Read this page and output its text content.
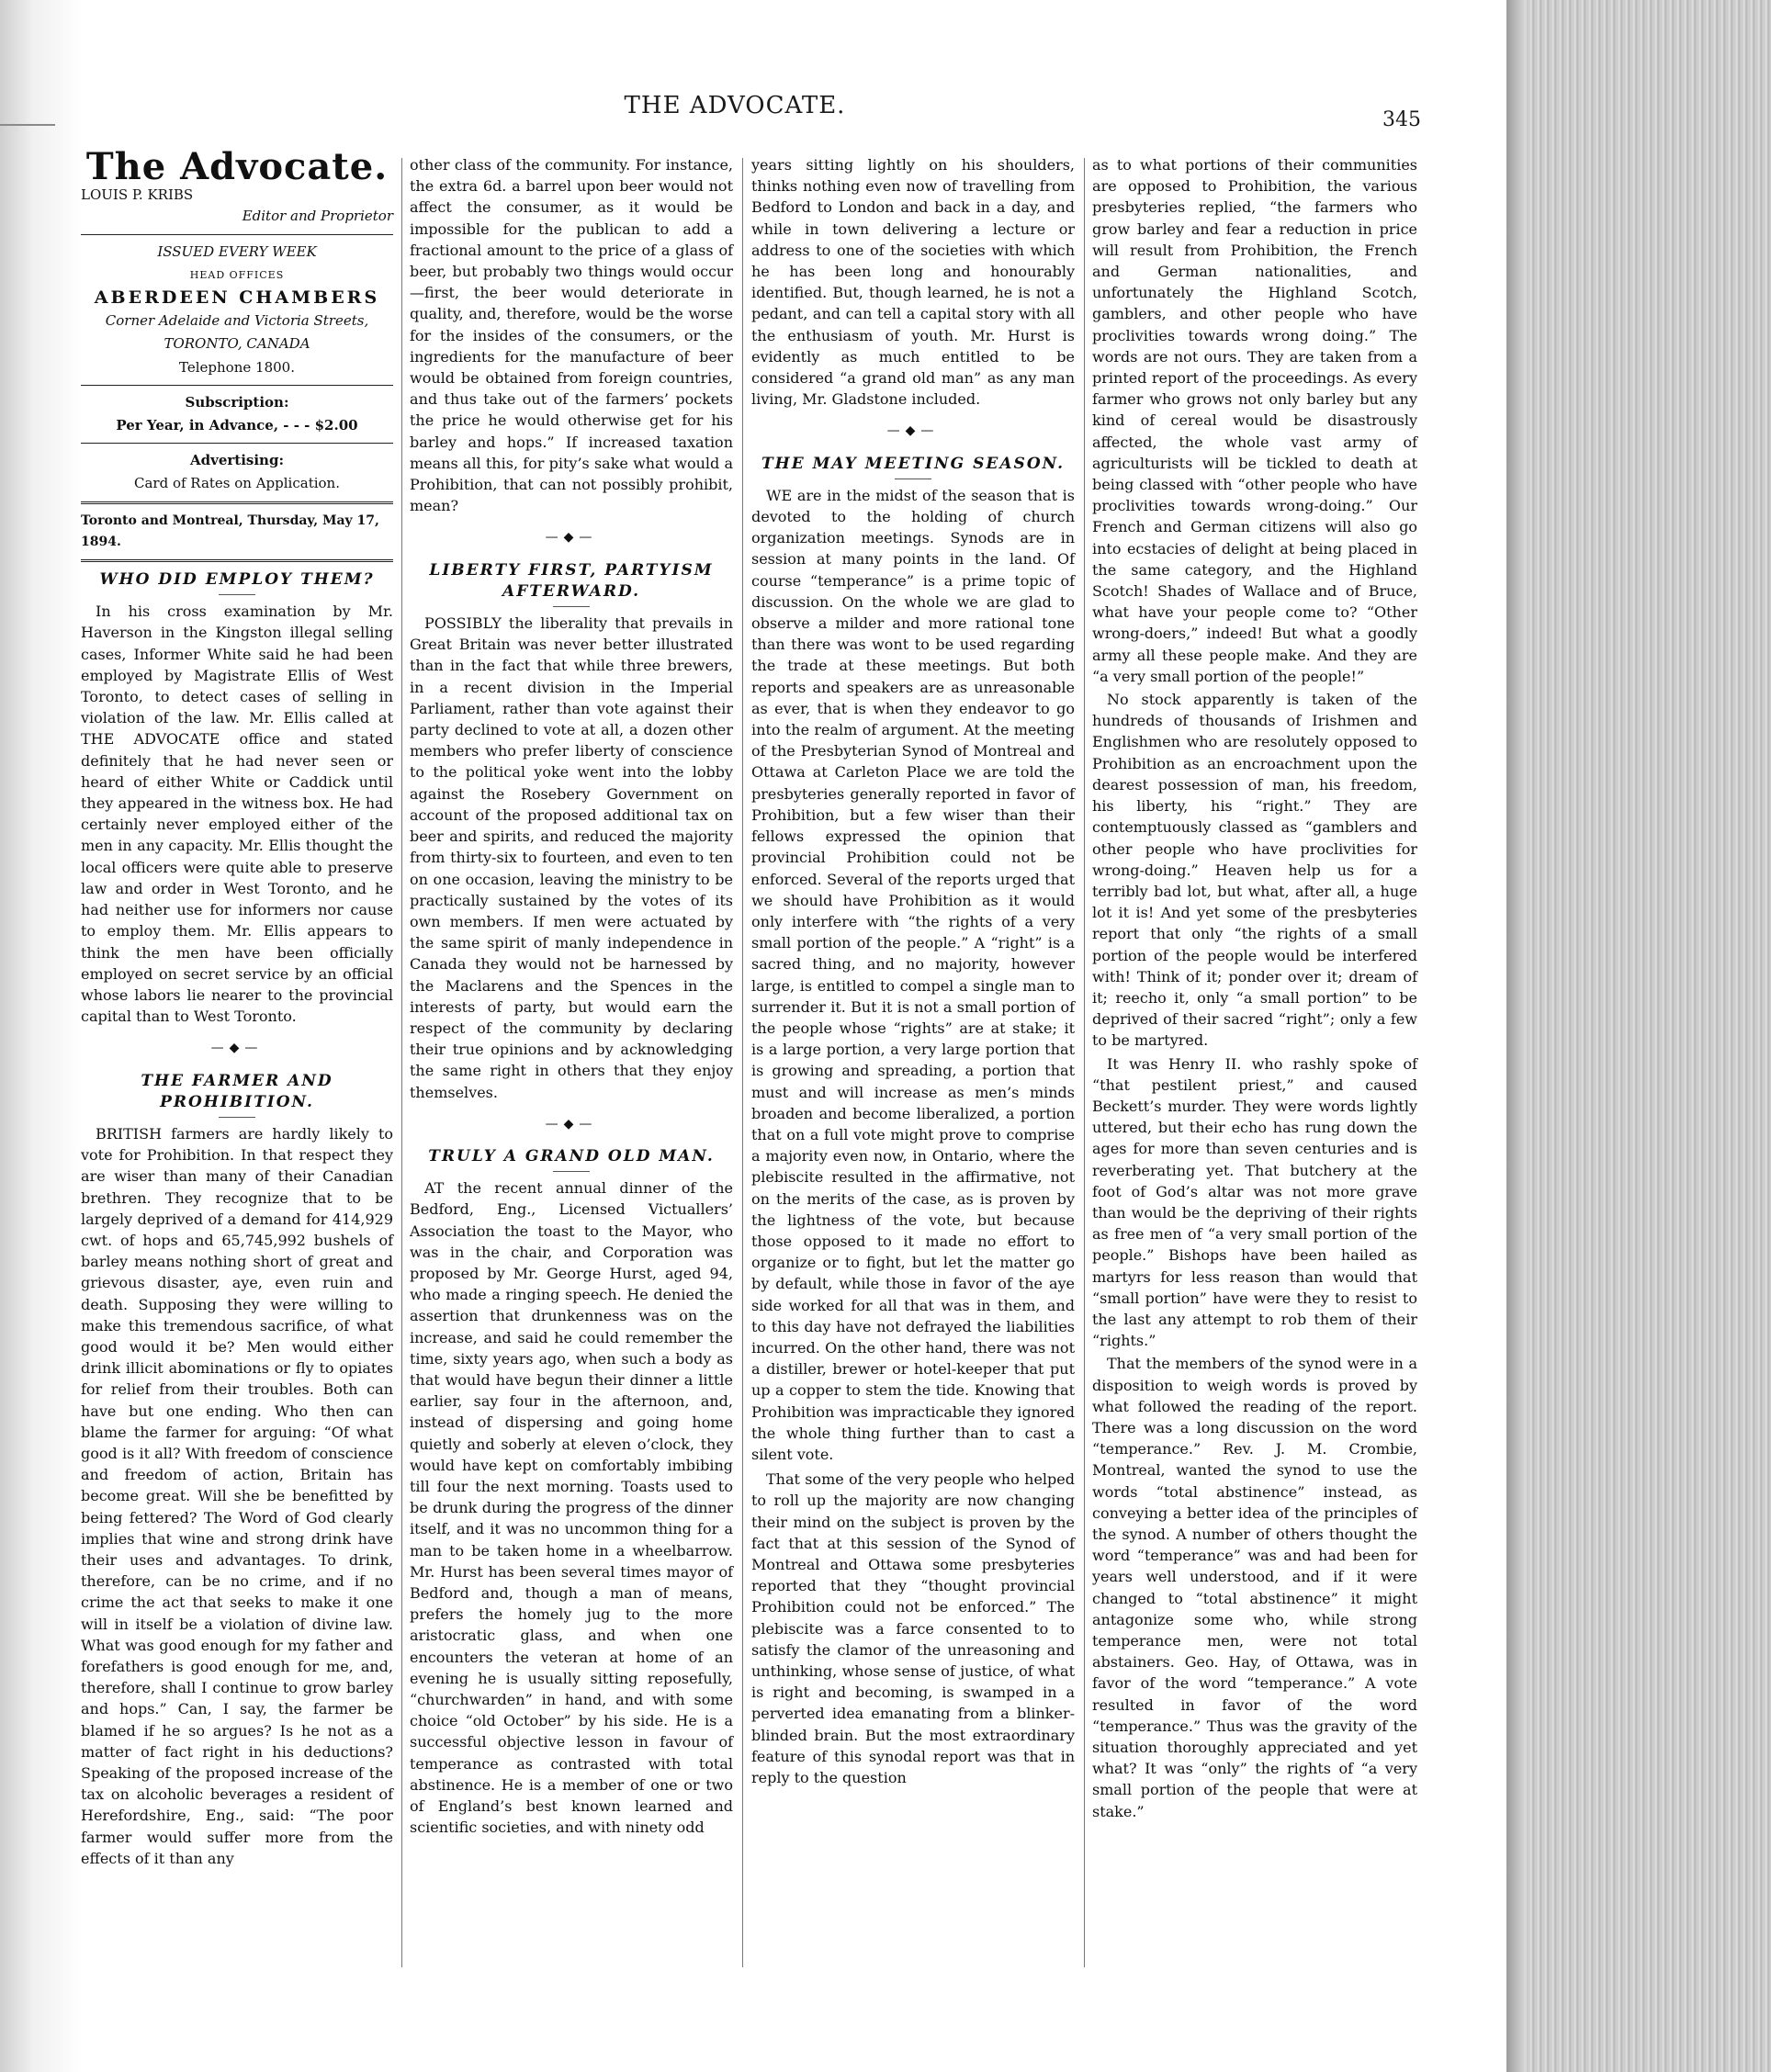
THE ADVOCATE.
345
The Advocate.
LOUIS P. KRIBS
Editor and Proprietor
ISSUED EVERY WEEK
HEAD OFFICES
ABERDEEN CHAMBERS
Corner Adelaide and Victoria Streets,
TORONTO, CANADA
Telephone 1800.
Subscription:
Per Year, in Advance, - - - $2.00
Advertising:
Card of Rates on Application.
Toronto and Montreal, Thursday, May 17, 1894.
WHO DID EMPLOY THEM?

In his cross examination by Mr. Haverson in the Kingston illegal selling cases, Informer White said he had been employed by Magistrate Ellis of West Toronto, to detect cases of selling in violation of the law. Mr. Ellis called at THE ADVOCATE office and stated definitely that he had never seen or heard of either White or Caddick until they appeared in the witness box. He had certainly never employed either of the men in any capacity. Mr. Ellis thought the local officers were quite able to preserve law and order in West Toronto, and he had neither use for informers nor cause to employ them. Mr. Ellis appears to think the men have been officially employed on secret service by an official whose labors lie nearer to the provincial capital than to West Toronto.

—◆—
THE FARMER AND PROHIBITION.

BRITISH farmers are hardly likely to vote for Prohibition. In that respect they are wiser than many of their Canadian brethren. They recognize that to be largely deprived of a demand for 414,929 cwt. of hops and 65,745,992 bushels of barley means nothing short of great and grievous disaster, aye, even ruin and death. Supposing they were willing to make this tremendous sacrifice, of what good would it be? Men would either drink illicit abominations or fly to opiates for relief from their troubles. Both can have but one ending. Who then can blame the farmer for arguing: “Of what good is it all? With freedom of conscience and freedom of action, Britain has become great. Will she be benefitted by being fettered? The Word of God clearly implies that wine and strong drink have their uses and advantages. To drink, therefore, can be no crime, and if no crime the act that seeks to make it one will in itself be a violation of divine law. What was good enough for my father and forefathers is good enough for me, and, therefore, shall I continue to grow barley and hops.” Can, I say, the farmer be blamed if he so argues? Is he not as a matter of fact right in his deductions? Speaking of the proposed increase of the tax on alcoholic beverages a resident of Herefordshire, Eng., said: “The poor farmer would suffer more from the effects of it than any

other class of the community. For instance, the extra 6d. a barrel upon beer would not affect the consumer, as it would be impossible for the publican to add a fractional amount to the price of a glass of beer, but probably two things would occur—first, the beer would deteriorate in quality, and, therefore, would be the worse for the insides of the consumers, or the ingredients for the manufacture of beer would be obtained from foreign countries, and thus take out of the farmers’ pockets the price he would otherwise get for his barley and hops.” If increased taxation means all this, for pity’s sake what would a Prohibition, that can not possibly prohibit, mean?

—◆—
LIBERTY FIRST, PARTYISM AFTERWARD.

POSSIBLY the liberality that prevails in Great Britain was never better illustrated than in the fact that while three brewers, in a recent division in the Imperial Parliament, rather than vote against their party declined to vote at all, a dozen other members who prefer liberty of conscience to the political yoke went into the lobby against the Rosebery Government on account of the proposed additional tax on beer and spirits, and reduced the majority from thirty-six to fourteen, and even to ten on one occasion, leaving the ministry to be practically sustained by the votes of its own members. If men were actuated by the same spirit of manly independence in Canada they would not be harnessed by the Maclarens and the Spences in the interests of party, but would earn the respect of the community by declaring their true opinions and by acknowledging the same right in others that they enjoy themselves.

—◆—
TRULY A GRAND OLD MAN.

AT the recent annual dinner of the Bedford, Eng., Licensed Victuallers’ Association the toast to the Mayor, who was in the chair, and Corporation was proposed by Mr. George Hurst, aged 94, who made a ringing speech. He denied the assertion that drunkenness was on the increase, and said he could remember the time, sixty years ago, when such a body as that would have begun their dinner a little earlier, say four in the afternoon, and, instead of dispersing and going home quietly and soberly at eleven o’clock, they would have kept on comfortably imbibing till four the next morning. Toasts used to be drunk during the progress of the dinner itself, and it was no uncommon thing for a man to be taken home in a wheelbarrow. Mr. Hurst has been several times mayor of Bedford and, though a man of means, prefers the homely jug to the more aristocratic glass, and when one encounters the veteran at home of an evening he is usually sitting reposefully, “churchwarden” in hand, and with some choice “old October” by his side. He is a successful objective lesson in favour of temperance as contrasted with total abstinence. He is a member of one or two of England’s best known learned and scientific societies, and with ninety odd

years sitting lightly on his shoulders, thinks nothing even now of travelling from Bedford to London and back in a day, and while in town delivering a lecture or address to one of the societies with which he has been long and honourably identified. But, though learned, he is not a pedant, and can tell a capital story with all the enthusiasm of youth. Mr. Hurst is evidently as much entitled to be considered “a grand old man” as any man living, Mr. Gladstone included.

—◆—
THE MAY MEETING SEASON.

WE are in the midst of the season that is devoted to the holding of church organization meetings. Synods are in session at many points in the land. Of course “temperance” is a prime topic of discussion. On the whole we are glad to observe a milder and more rational tone than there was wont to be used regarding the trade at these meetings. But both reports and speakers are as unreasonable as ever, that is when they endeavor to go into the realm of argument. At the meeting of the Presbyterian Synod of Montreal and Ottawa at Carleton Place we are told the presbyteries generally reported in favor of Prohibition, but a few wiser than their fellows expressed the opinion that provincial Prohibition could not be enforced. Several of the reports urged that we should have Prohibition as it would only interfere with “the rights of a very small portion of the people.” A “right” is a sacred thing, and no majority, however large, is entitled to compel a single man to surrender it. But it is not a small portion of the people whose “rights” are at stake; it is a large portion, a very large portion that is growing and spreading, a portion that must and will increase as men’s minds broaden and become liberalized, a portion that on a full vote might prove to comprise a majority even now, in Ontario, where the plebiscite resulted in the affirmative, not on the merits of the case, as is proven by the lightness of the vote, but because those opposed to it made no effort to organize or to fight, but let the matter go by default, while those in favor of the aye side worked for all that was in them, and to this day have not defrayed the liabilities incurred. On the other hand, there was not a distiller, brewer or hotel-keeper that put up a copper to stem the tide. Knowing that Prohibition was impracticable they ignored the whole thing further than to cast a silent vote.

That some of the very people who helped to roll up the majority are now changing their mind on the subject is proven by the fact that at this session of the Synod of Montreal and Ottawa some presbyteries reported that they “thought provincial Prohibition could not be enforced.” The plebiscite was a farce consented to to satisfy the clamor of the unreasoning and unthinking, whose sense of justice, of what is right and becoming, is swamped in a perverted idea emanating from a blinker-blinded brain. But the most extraordinary feature of this synodal report was that in reply to the question

as to what portions of their communities are opposed to Prohibition, the various presbyteries replied, “the farmers who grow barley and fear a reduction in price will result from Prohibition, the French and German nationalities, and unfortunately the Highland Scotch, gamblers, and other people who have proclivities towards wrong doing.” The words are not ours. They are taken from a printed report of the proceedings. As every farmer who grows not only barley but any kind of cereal would be disastrously affected, the whole vast army of agriculturists will be tickled to death at being classed with “other people who have proclivities towards wrong-doing.” Our French and German citizens will also go into ecstacies of delight at being placed in the same category, and the Highland Scotch! Shades of Wallace and of Bruce, what have your people come to? “Other wrong-doers,” indeed! But what a goodly army all these people make. And they are “a very small portion of the people!”

No stock apparently is taken of the hundreds of thousands of Irishmen and Englishmen who are resolutely opposed to Prohibition as an encroachment upon the dearest possession of man, his freedom, his liberty, his “right.” They are contemptuously classed as “gamblers and other people who have proclivities for wrong-doing.” Heaven help us for a terribly bad lot, but what, after all, a huge lot it is! And yet some of the presbyteries report that only “the rights of a small portion of the people would be interfered with! Think of it; ponder over it; dream of it; reecho it, only “a small portion” to be deprived of their sacred “right”; only a few to be martyred.

It was Henry II. who rashly spoke of “that pestilent priest,” and caused Beckett’s murder. They were words lightly uttered, but their echo has rung down the ages for more than seven centuries and is reverberating yet. That butchery at the foot of God’s altar was not more grave than would be the depriving of their rights as free men of “a very small portion of the people.” Bishops have been hailed as martyrs for less reason than would that “small portion” have were they to resist to the last any attempt to rob them of their “rights.”

That the members of the synod were in a disposition to weigh words is proved by what followed the reading of the report. There was a long discussion on the word “temperance.” Rev. J. M. Crombie, Montreal, wanted the synod to use the words “total abstinence” instead, as conveying a better idea of the principles of the synod. A number of others thought the word “temperance” was and had been for years well understood, and if it were changed to “total abstinence” it might antagonize some who, while strong temperance men, were not total abstainers. Geo. Hay, of Ottawa, was in favor of the word “temperance.” A vote resulted in favor of the word “temperance.” Thus was the gravity of the situation thoroughly appreciated and yet what? It was “only” the rights of “a very small portion of the people that were at stake.”
